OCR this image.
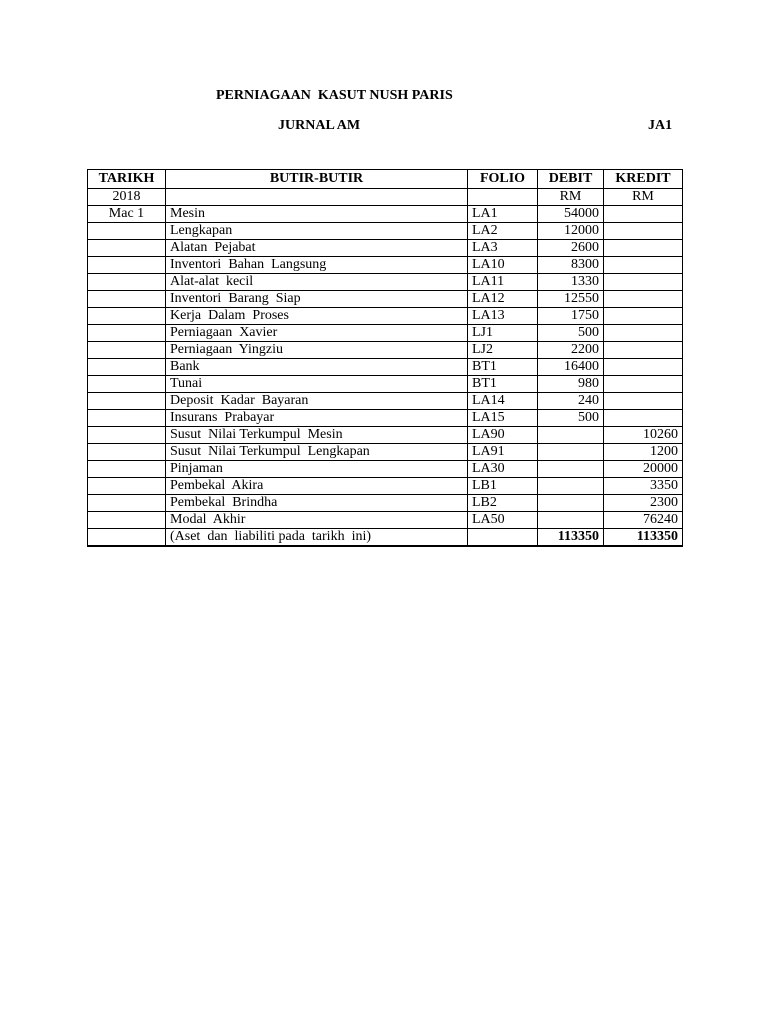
PERNIAGAAN  KASUT NUSH PARIS
JURNAL AM	JA1
TARIKH	BUTIR-BUTIR	FOLIO	DEBIT	KREDIT
2018			RM	RM
Mac 1	Mesin	LA1	54000	
	Lengkapan	LA2	12000	
	Alatan  Pejabat	LA3	2600	
	Inventori  Bahan  Langsung	LA10	8300	
	Alat-alat  kecil	LA11	1330	
	Inventori  Barang  Siap	LA12	12550	
	Kerja  Dalam  Proses	LA13	1750	
	Perniagaan  Xavier	LJ1	500	
	Perniagaan  Yingziu	LJ2	2200	
	Bank	BT1	16400	
	Tunai	BT1	980	
	Deposit  Kadar  Bayaran	LA14	240	
	Insurans  Prabayar	LA15	500	
	Susut  Nilai Terkumpul  Mesin	LA90		10260
	Susut  Nilai Terkumpul  Lengkapan	LA91		1200
	Pinjaman	LA30		20000
	Pembekal  Akira	LB1		3350
	Pembekal  Brindha	LB2		2300
	Modal  Akhir	LA50		76240
	(Aset  dan  liabiliti pada  tarikh  ini)		113350	113350
